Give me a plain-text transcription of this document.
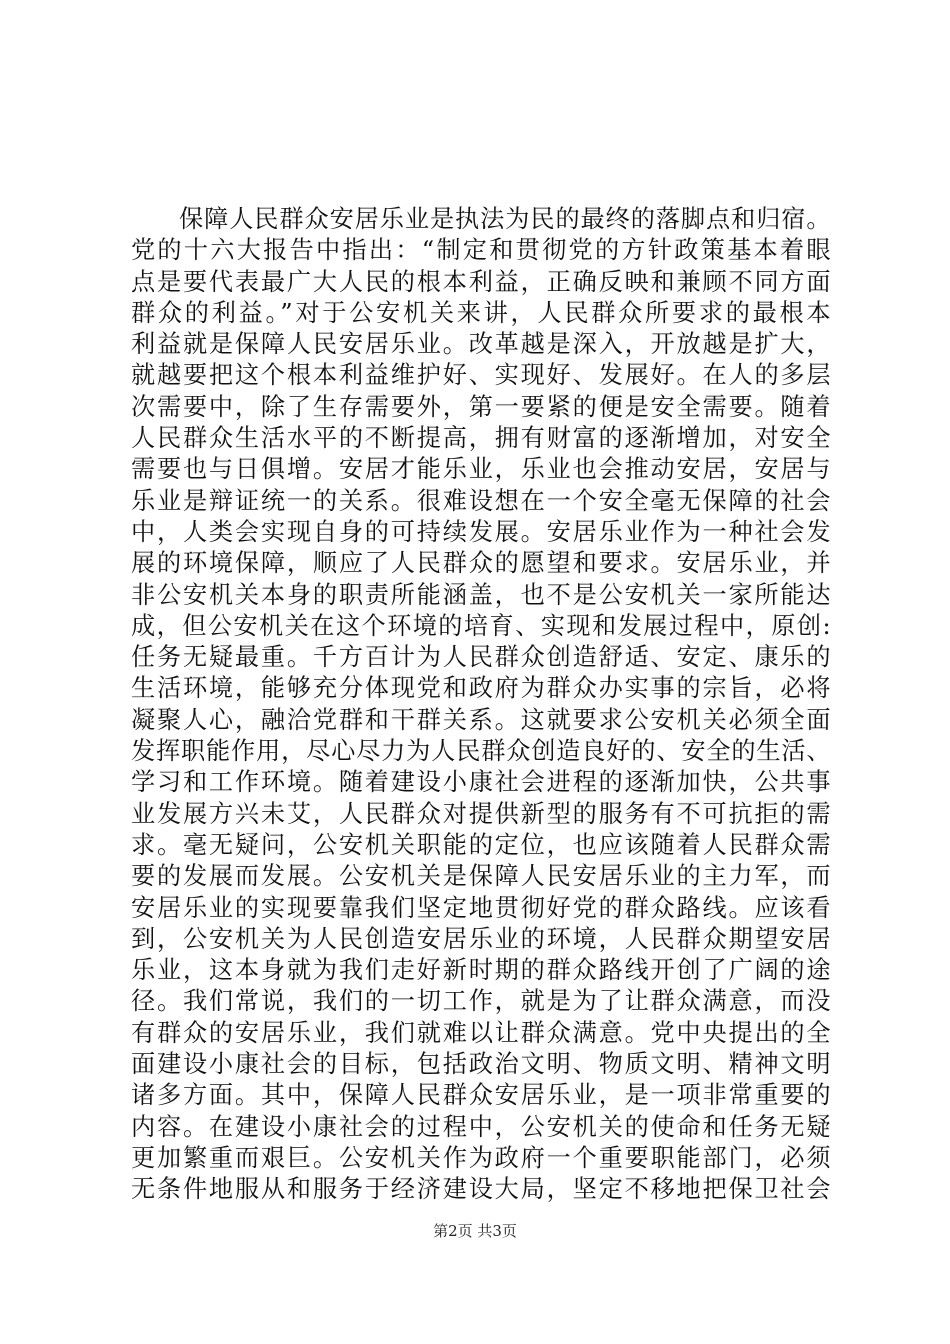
保障人民群众安居乐业是执法为民的最终的落脚点和归宿。
党的十六大报告中指出：“制定和贯彻党的方针政策基本着眼
点是要代表最广大人民的根本利益，正确反映和兼顾不同方面
群众的利益。”对于公安机关来讲，人民群众所要求的最根本
利益就是保障人民安居乐业。改革越是深入，开放越是扩大，
就越要把这个根本利益维护好、实现好、发展好。在人的多层
次需要中，除了生存需要外，第一要紧的便是安全需要。随着
人民群众生活水平的不断提高，拥有财富的逐渐增加，对安全
需要也与日俱增。安居才能乐业，乐业也会推动安居，安居与
乐业是辩证统一的关系。很难设想在一个安全毫无保障的社会
中，人类会实现自身的可持续发展。安居乐业作为一种社会发
展的环境保障，顺应了人民群众的愿望和要求。安居乐业，并
非公安机关本身的职责所能涵盖，也不是公安机关一家所能达
成，但公安机关在这个环境的培育、实现和发展过程中，原创:
任务无疑最重。千方百计为人民群众创造舒适、安定、康乐的
生活环境，能够充分体现党和政府为群众办实事的宗旨，必将
凝聚人心，融洽党群和干群关系。这就要求公安机关必须全面
发挥职能作用，尽心尽力为人民群众创造良好的、安全的生活、
学习和工作环境。随着建设小康社会进程的逐渐加快，公共事
业发展方兴未艾，人民群众对提供新型的服务有不可抗拒的需
求。毫无疑问，公安机关职能的定位，也应该随着人民群众需
要的发展而发展。公安机关是保障人民安居乐业的主力军，而
安居乐业的实现要靠我们坚定地贯彻好党的群众路线。应该看
到，公安机关为人民创造安居乐业的环境，人民群众期望安居
乐业，这本身就为我们走好新时期的群众路线开创了广阔的途
径。我们常说，我们的一切工作，就是为了让群众满意，而没
有群众的安居乐业，我们就难以让群众满意。党中央提出的全
面建设小康社会的目标，包括政治文明、物质文明、精神文明
诸多方面。其中，保障人民群众安居乐业，是一项非常重要的
内容。在建设小康社会的过程中，公安机关的使命和任务无疑
更加繁重而艰巨。公安机关作为政府一个重要职能部门，必须
无条件地服从和服务于经济建设大局，坚定不移地把保卫社会
第2页 共3页
